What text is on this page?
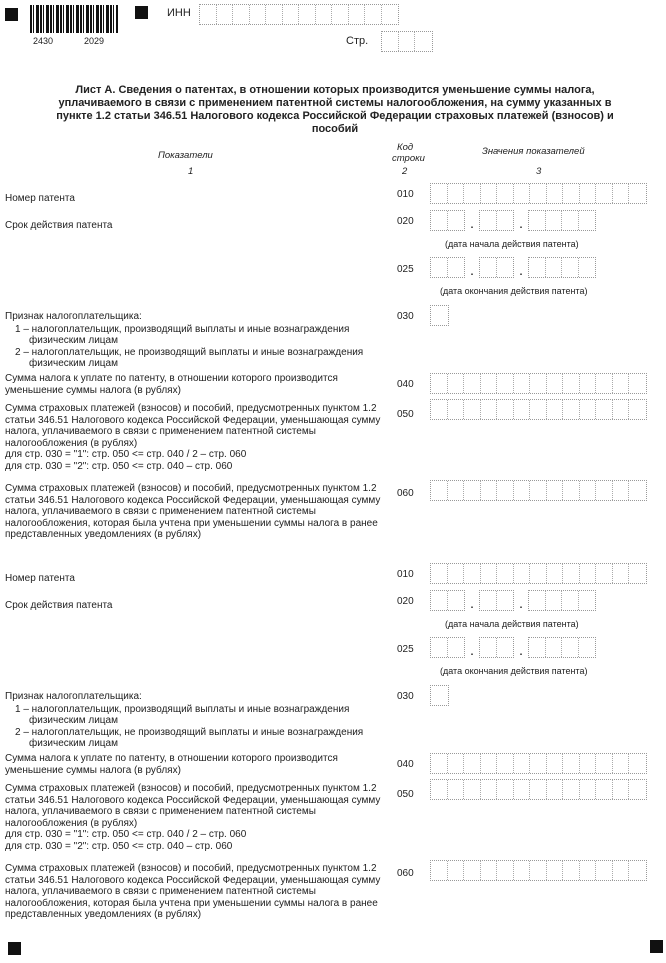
2430	2029
ИНН
Стр.
Лист А. Сведения о патентах, в отношении которых производится уменьшение суммы налога, уплачиваемого в связи с применением патентной системы налогообложения, на сумму указанных в пункте 1.2 статьи 346.51 Налогового кодекса Российской Федерации страховых платежей (взносов) и пособий
Показатели
1
Код
строки
2
Значения показателей
3
Номер патента	010
Срок действия патента	020	.	.
(дата начала действия патента)
025	.	.
(дата окончания действия патента)
Признак налогоплательщика:	030
1 – налогоплательщик, производящий выплаты и иные вознаграждения
физическим лицам
2 – налогоплательщик, не производящий выплаты и иные вознаграждения
физическим лицам
Сумма налога к уплате по патенту, в отношении которого производится уменьшение суммы налога (в рублях)
040
Сумма страховых платежей (взносов) и пособий, предусмотренных пунктом 1.2 статьи 346.51 Налогового кодекса Российской Федерации, уменьшающая сумму налога, уплачиваемого в связи с применением патентной системы налогообложения (в рублях)
для стр. 030 = "1": стр. 050 <= стр. 040 / 2 – стр. 060
для стр. 030 = "2": стр. 050 <= стр. 040 – стр. 060
050
Сумма страховых платежей (взносов) и пособий, предусмотренных пунктом 1.2 статьи 346.51 Налогового кодекса Российской Федерации, уменьшающая сумму налога, уплачиваемого в связи с применением патентной системы налогообложения, которая была учтена при уменьшении суммы налога в ранее представленных уведомлениях (в рублях)
060
Номер патента	010
Срок действия патента	020	.	.
(дата начала действия патента)
025	.	.
(дата окончания действия патента)
Признак налогоплательщика:	030
1 – налогоплательщик, производящий выплаты и иные вознаграждения
физическим лицам
2 – налогоплательщик, не производящий выплаты и иные вознаграждения
физическим лицам
Сумма налога к уплате по патенту, в отношении которого производится уменьшение суммы налога (в рублях)
040
Сумма страховых платежей (взносов) и пособий, предусмотренных пунктом 1.2 статьи 346.51 Налогового кодекса Российской Федерации, уменьшающая сумму налога, уплачиваемого в связи с применением патентной системы налогообложения (в рублях)
для стр. 030 = "1": стр. 050 <= стр. 040 / 2 – стр. 060
для стр. 030 = "2": стр. 050 <= стр. 040 – стр. 060
050
Сумма страховых платежей (взносов) и пособий, предусмотренных пунктом 1.2 статьи 346.51 Налогового кодекса Российской Федерации, уменьшающая сумму налога, уплачиваемого в связи с применением патентной системы налогообложения, которая была учтена при уменьшении суммы налога в ранее представленных уведомлениях (в рублях)
060
